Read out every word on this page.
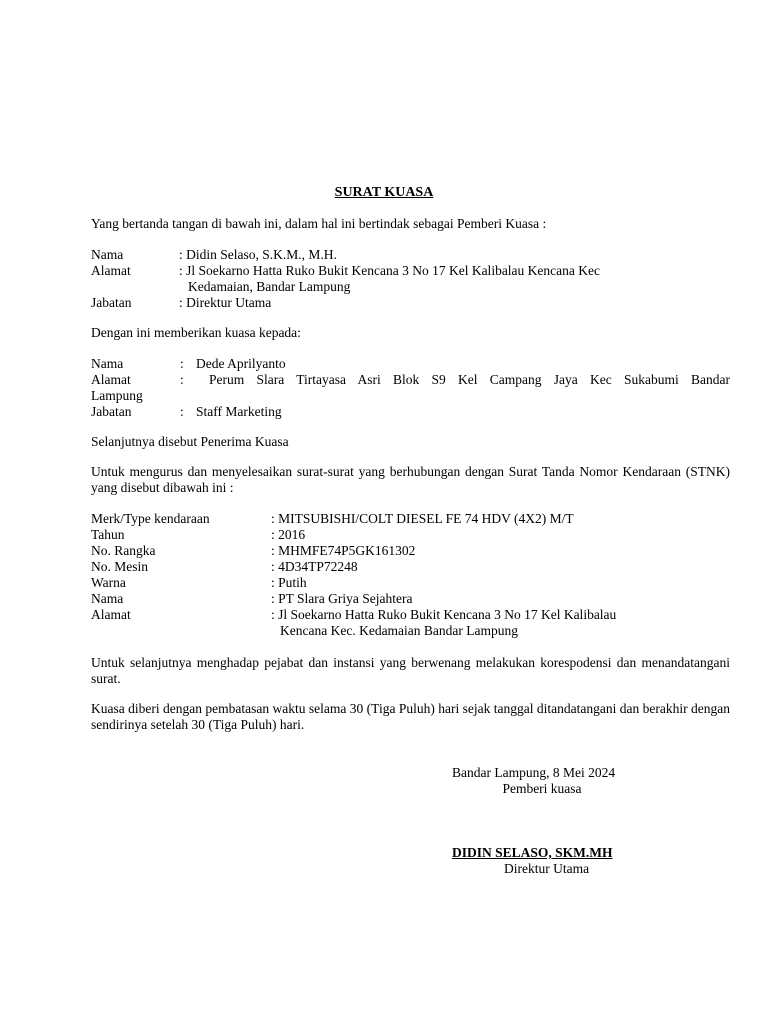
SURAT KUASA
Yang bertanda tangan di bawah ini, dalam hal ini bertindak sebagai Pemberi Kuasa :
Nama	: Didin Selaso, S.K.M., M.H.
Alamat	: Jl Soekarno Hatta Ruko Bukit Kencana 3 No 17 Kel Kalibalau Kencana Kec
Kedamaian, Bandar Lampung
Jabatan	: Direktur Utama
Dengan ini memberikan kuasa kepada:
Nama	: Dede Aprilyanto
Alamat	: Perum Slara Tirtayasa Asri Blok S9 Kel Campang Jaya Kec Sukabumi Bandar
Lampung
Jabatan	: Staff Marketing
Selanjutnya disebut Penerima Kuasa
Untuk mengurus dan menyelesaikan surat-surat yang berhubungan dengan Surat Tanda Nomor Kendaraan (STNK) yang disebut dibawah ini :
Merk/Type kendaraan	: MITSUBISHI/COLT DIESEL FE 74 HDV (4X2) M/T
Tahun	: 2016
No. Rangka	: MHMFE74P5GK161302
No. Mesin	: 4D34TP72248
Warna	: Putih
Nama	: PT Slara Griya Sejahtera
Alamat	: Jl Soekarno Hatta Ruko Bukit Kencana 3 No 17 Kel Kalibalau
Kencana Kec. Kedamaian Bandar Lampung
Untuk selanjutnya menghadap pejabat dan instansi yang berwenang melakukan korespodensi dan menandatangani surat.
Kuasa diberi dengan pembatasan waktu selama 30 (Tiga Puluh) hari sejak tanggal ditandatangani dan berakhir dengan sendirinya setelah 30 (Tiga Puluh) hari.
Bandar Lampung, 8 Mei 2024
Pemberi kuasa
DIDIN SELASO, SKM.MH
Direktur Utama
